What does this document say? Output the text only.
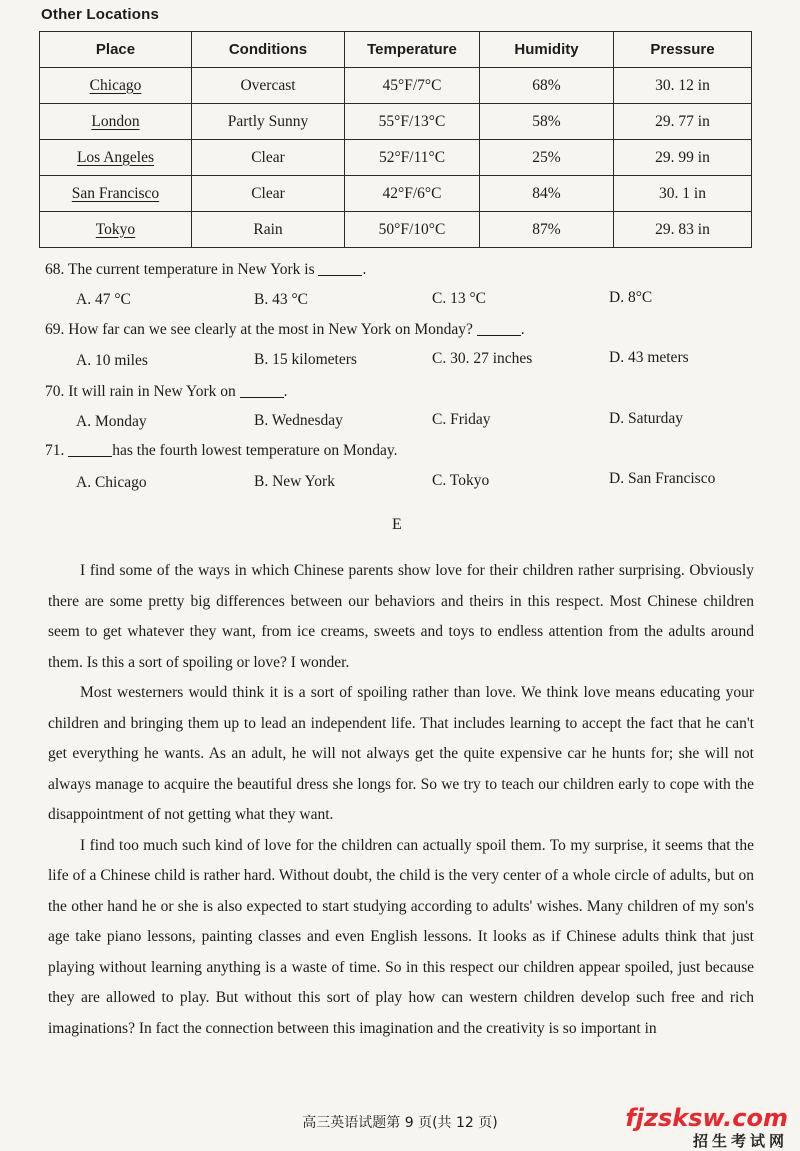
Other Locations
Place	Conditions	Temperature	Humidity	Pressure
Chicago	Overcast	45°F/7°C	68%	30. 12 in
London	Partly Sunny	55°F/13°C	58%	29. 77 in
Los Angeles	Clear	52°F/11°C	25%	29. 99 in
San Francisco	Clear	42°F/6°C	84%	30. 1 in
Tokyo	Rain	50°F/10°C	87%	29. 83 in
68. The current temperature in New York is	.
A. 47 °C	B. 43 °C	C. 13 °C	D. 8°C
69. How far can we see clearly at the most in New York on Monday?	.
A. 10 miles	B. 15 kilometers	C. 30. 27 inches	D. 43 meters
70. It will rain in New York on	.
A. Monday	B. Wednesday	C. Friday	D. Saturday
71.	has the fourth lowest temperature on Monday.
A. Chicago	B. New York	C. Tokyo	D. San Francisco
E

I find some of the ways in which Chinese parents show love for their children rather surprising. Obviously there are some pretty big differences between our behaviors and theirs in this respect. Most Chinese children seem to get whatever they want, from ice creams, sweets and toys to endless attention from the adults around them. Is this a sort of spoiling or love? I wonder.

Most westerners would think it is a sort of spoiling rather than love. We think love means educating your children and bringing them up to lead an independent life. That includes learning to accept the fact that he can't get everything he wants. As an adult, he will not always get the quite expensive car he hunts for; she will not always manage to acquire the beautiful dress she longs for. So we try to teach our children early to cope with the disappointment of not getting what they want.

I find too much such kind of love for the children can actually spoil them. To my surprise, it seems that the life of a Chinese child is rather hard. Without doubt, the child is the very center of a whole circle of adults, but on the other hand he or she is also expected to start studying according to adults' wishes. Many children of my son's age take piano lessons, painting classes and even English lessons. It looks as if Chinese adults think that just playing without learning anything is a waste of time. So in this respect our children appear spoiled, just because they are allowed to play. But without this sort of play how can western children develop such free and rich imaginations? In fact the connection between this imagination and the creativity is so important in

高三英语试题第 9 页(共 12 页)	fjzsksw.com
招生考试网
